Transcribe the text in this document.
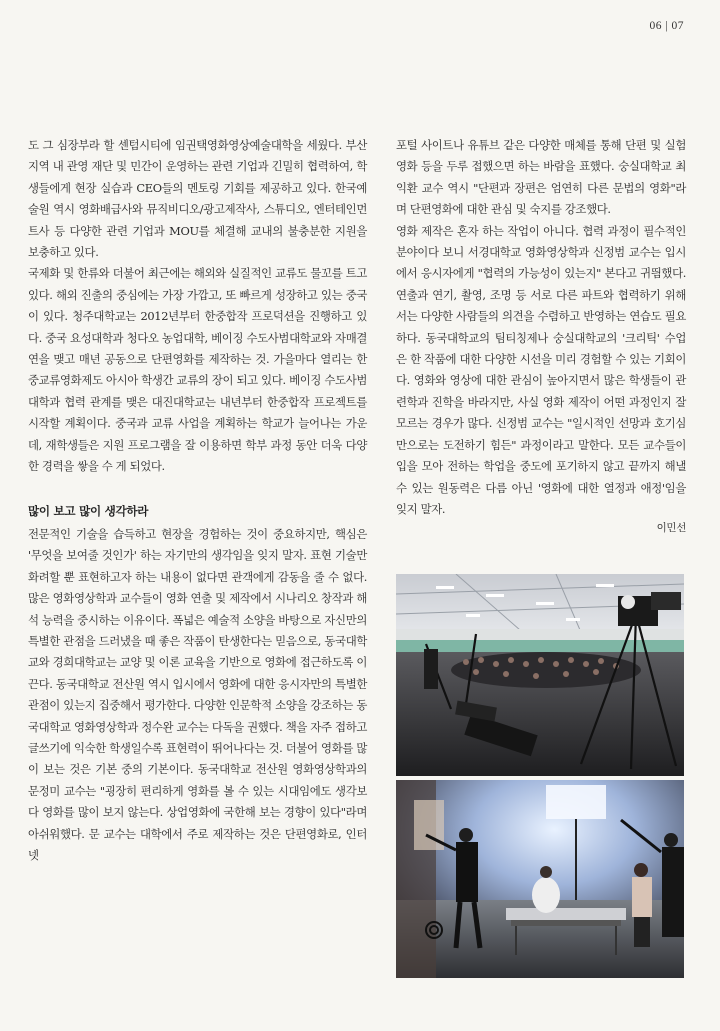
06 | 07

도 그 심장부라 할 센텀시티에 임권택영화영상예술대학을 세웠다. 부산 지역 내 관영 재단 및 민간이 운영하는 관련 기업과 긴밀히 협력하여, 학생들에게 현장 실습과 CEO들의 멘토링 기회를 제공하고 있다. 한국예술원 역시 영화배급사와 뮤직비디오/광고제작사, 스튜디오, 엔터테인먼트사 등 다양한 관련 기업과 MOU를 체결해 교내의 불충분한 지원을 보충하고 있다.

국제화 및 한류와 더불어 최근에는 해외와 실질적인 교류도 물꼬를 트고 있다. 해외 진출의 중심에는 가장 가깝고, 또 빠르게 성장하고 있는 중국이 있다. 청주대학교는 2012년부터 한중합작 프로덕션을 진행하고 있다. 중국 요성대학과 청다오 농업대학, 베이징 수도사범대학교와 자매결연을 맺고 매년 공동으로 단편영화를 제작하는 것. 가을마다 열리는 한중교류영화제도 아시아 학생간 교류의 장이 되고 있다. 베이징 수도사범대학과 협력 관계를 맺은 대진대학교는 내년부터 한중합작 프로젝트를 시작할 계획이다. 중국과 교류 사업을 계획하는 학교가 늘어나는 가운데, 재학생들은 지원 프로그램을 잘 이용하면 학부 과정 동안 더욱 다양한 경력을 쌓을 수 게 되었다.

많이 보고 많이 생각하라

전문적인 기술을 습득하고 현장을 경험하는 것이 중요하지만, 핵심은 '무엇을 보여줄 것인가' 하는 자기만의 생각임을 잊지 말자. 표현 기술만 화려할 뿐 표현하고자 하는 내용이 없다면 관객에게 감동을 줄 수 없다. 많은 영화영상학과 교수들이 영화 연출 및 제작에서 시나리오 창작과 해석 능력을 중시하는 이유이다. 폭넓은 예술적 소양을 바탕으로 자신만의 특별한 관점을 드러냈을 때 좋은 작품이 탄생한다는 믿음으로, 동국대학교와 경희대학교는 교양 및 이론 교육을 기반으로 영화에 접근하도록 이끈다. 동국대학교 전산원 역시 입시에서 영화에 대한 응시자만의 특별한 관점이 있는지 집중해서 평가한다. 다양한 인문학적 소양을 강조하는 동국대학교 영화영상학과 정수완 교수는 다독을 권했다. 책을 자주 접하고 글쓰기에 익숙한 학생일수록 표현력이 뛰어나다는 것. 더불어 영화를 많이 보는 것은 기본 중의 기본이다. 동국대학교 전산원 영화영상학과의 문정미 교수는 "굉장히 편리하게 영화를 볼 수 있는 시대임에도 생각보다 영화를 많이 보지 않는다. 상업영화에 국한해 보는 경향이 있다"라며 아쉬워했다. 문 교수는 대학에서 주로 제작하는 것은 단편영화로, 인터넷

포털 사이트나 유튜브 같은 다양한 매체를 통해 단편 및 실험영화 등을 두루 접했으면 하는 바람을 표했다. 숭실대학교 최익환 교수 역시 "단편과 장편은 엄연히 다른 문법의 영화"라며 단편영화에 대한 관심 및 숙지를 강조했다.

영화 제작은 혼자 하는 작업이 아니다. 협력 과정이 필수적인 분야이다 보니 서경대학교 영화영상학과 신정범 교수는 입시에서 응시자에게 "협력의 가능성이 있는지" 본다고 귀띔했다. 연출과 연기, 촬영, 조명 등 서로 다른 파트와 협력하기 위해서는 다양한 사람들의 의견을 수렴하고 반영하는 연습도 필요하다. 동국대학교의 팀티칭제나 숭실대학교의 '크리틱' 수업은 한 작품에 대한 다양한 시선을 미리 경험할 수 있는 기회이다. 영화와 영상에 대한 관심이 높아지면서 많은 학생들이 관련학과 진학을 바라지만, 사실 영화 제작이 어떤 과정인지 잘 모르는 경우가 많다. 신정범 교수는 "일시적인 선망과 호기심만으로는 도전하기 힘든" 과정이라고 말한다. 모든 교수들이 입을 모아 전하는 학업을 중도에 포기하지 않고 끝까지 해낼 수 있는 원동력은 다름 아닌 '영화에 대한 열정과 애정'임을 잊지 말자.

이민선
